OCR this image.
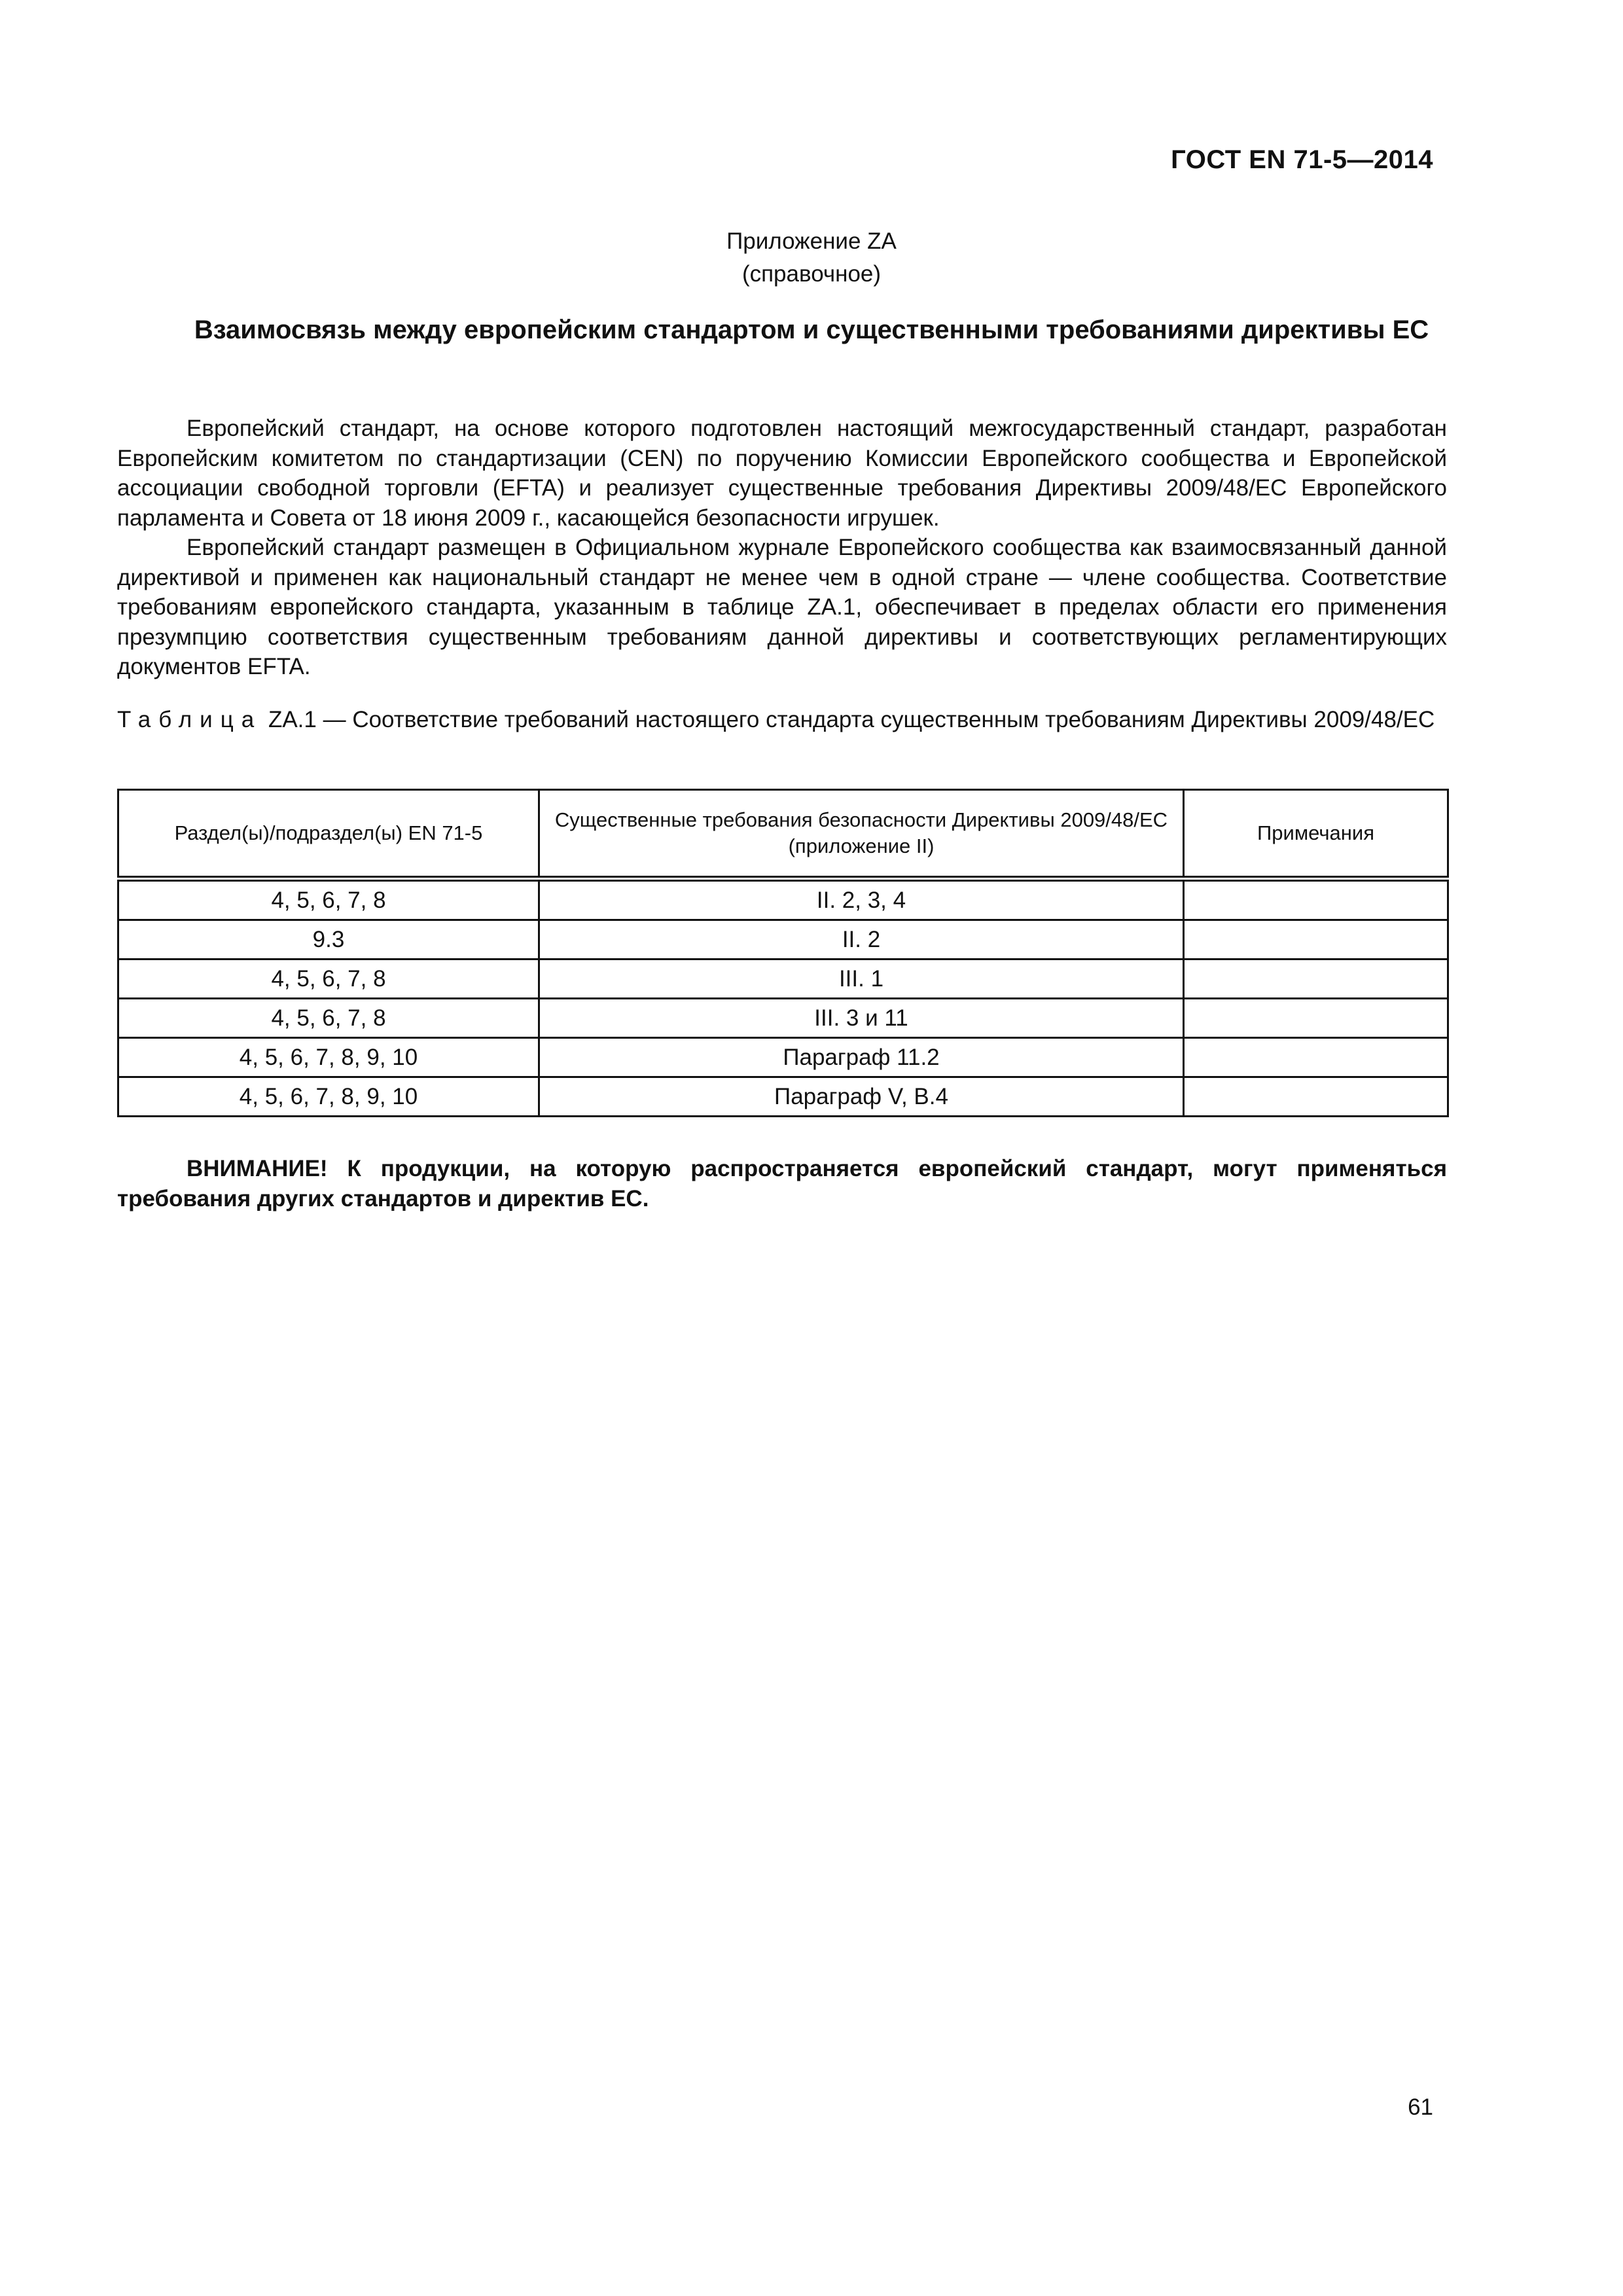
ГОСТ EN 71-5—2014
Приложение ZA
(справочное)
Взаимосвязь между европейским стандартом и существенными требованиями директивы ЕС

Европейский стандарт, на основе которого подготовлен настоящий межгосударственный стандарт, разработан Европейским комитетом по стандартизации (CEN) по поручению Комиссии Европейского сообщества и Европейской ассоциации свободной торговли (EFTA) и реализует существенные требования Директивы 2009/48/ЕС Европейского парламента и Совета от 18 июня 2009 г., касающейся безопасности игрушек.

Европейский стандарт размещен в Официальном журнале Европейского сообщества как взаимосвязанный данной директивой и применен как национальный стандарт не менее чем в одной стране — члене сообщества. Соответствие требованиям европейского стандарта, указанным в таблице ZA.1, обеспечивает в пределах области его применения презумпцию соответствия существенным требованиям данной директивы и соответствующих регламентирующих документов EFTA.

Таблица ZA.1 — Соответствие требований настоящего стандарта существенным требованиям Директивы 2009/48/ЕС
Раздел(ы)/подраздел(ы) EN 71-5	Существенные требования безопасности Директивы 2009/48/ЕС (приложение II)	Примечания
4, 5, 6, 7, 8	II. 2, 3, 4	
9.3	II. 2	
4, 5, 6, 7, 8	III. 1	
4, 5, 6, 7, 8	III. 3 и 11	
4, 5, 6, 7, 8, 9, 10	Параграф 11.2	
4, 5, 6, 7, 8, 9, 10	Параграф V, В.4	

ВНИМАНИЕ! К продукции, на которую распространяется европейский стандарт, могут применяться требования других стандартов и директив ЕС.

61
